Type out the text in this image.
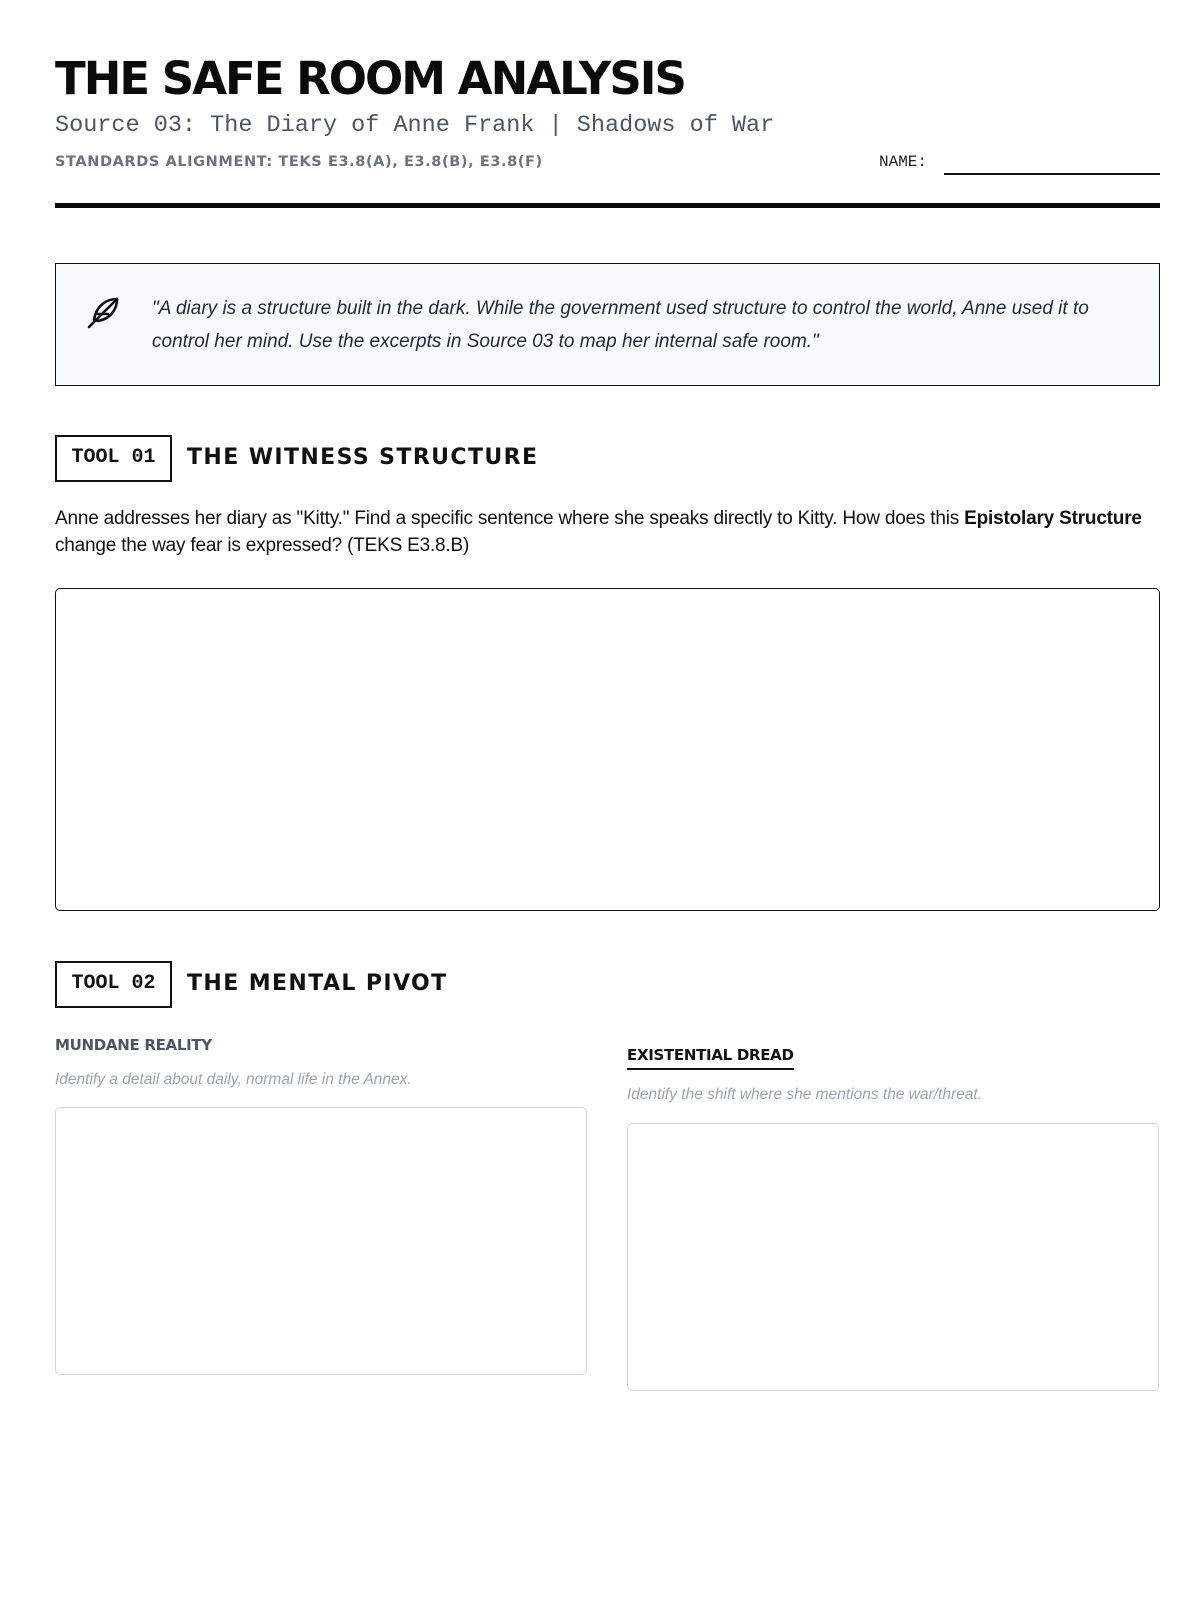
THE SAFE ROOM ANALYSIS
Source 03: The Diary of Anne Frank | Shadows of War
STANDARDS ALIGNMENT: TEKS E3.8(A), E3.8(B), E3.8(F)	NAME:

"A diary is a structure built in the dark. While the government used structure to control the world, Anne used it to control her mind. Use the excerpts in Source 03 to map her internal safe room."

TOOL 01	THE WITNESS STRUCTURE

Anne addresses her diary as "Kitty." Find a specific sentence where she speaks directly to Kitty. How does this Epistolary Structure change the way fear is expressed? (TEKS E3.8.B)

TOOL 02	THE MENTAL PIVOT
MUNDANE REALITY
Identify a detail about daily, normal life in the Annex.
EXISTENTIAL DREAD
Identify the shift where she mentions the war/threat.
